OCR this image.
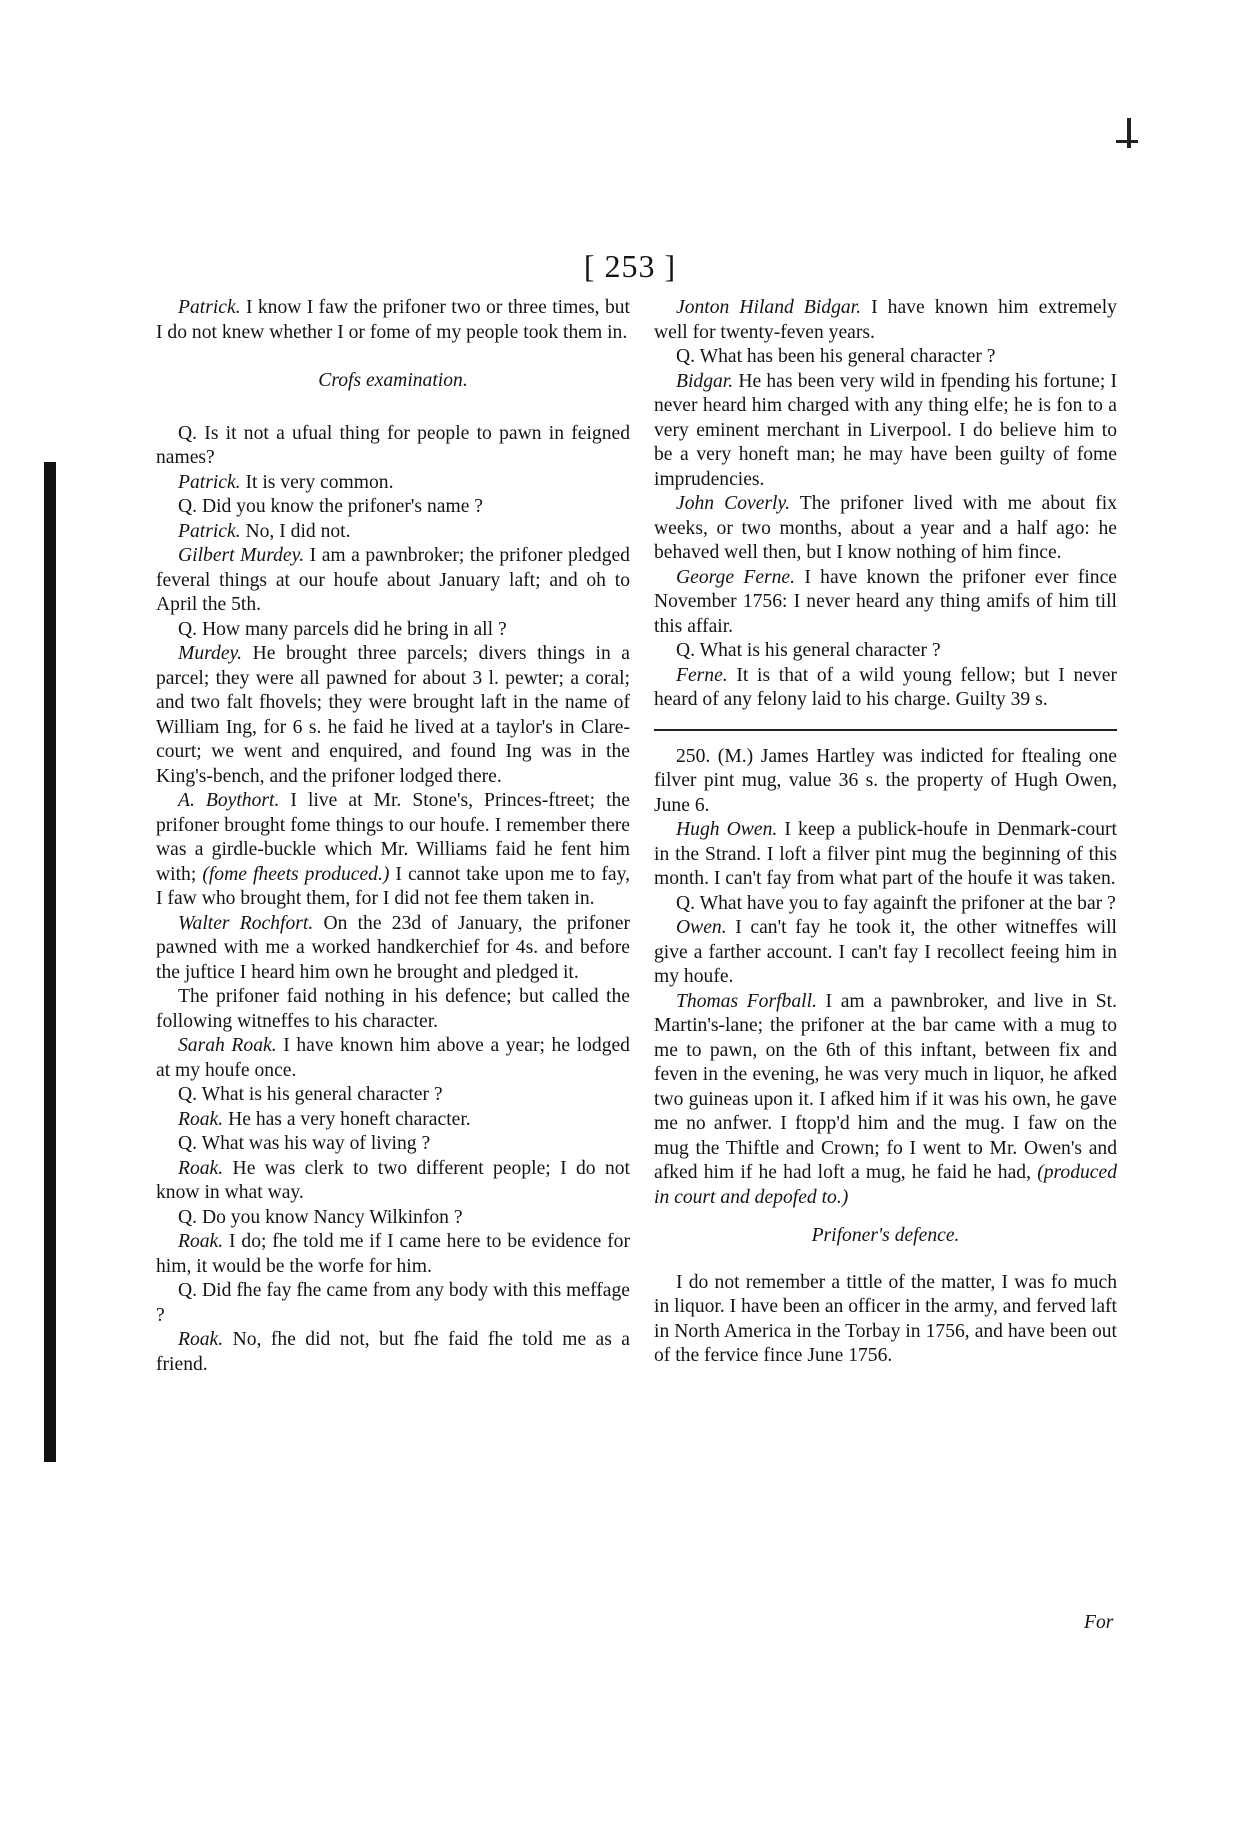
[ 253 ]

Patrick. I know I faw the prifoner two or three times, but I do not knew whether I or fome of my people took them in.

Crofs examination.

Q. Is it not a ufual thing for people to pawn in feigned names?

Patrick. It is very common.

Q. Did you know the prifoner's name ?

Patrick. No, I did not.

Gilbert Murdey. I am a pawnbroker; the prifoner pledged feveral things at our houfe about January laft; and oh to April the 5th.

Q. How many parcels did he bring in all ?

Murdey. He brought three parcels; divers things in a parcel; they were all pawned for about 3 l. pewter; a coral; and two falt fhovels; they were brought laft in the name of William Ing, for 6 s. he faid he lived at a taylor's in Clare-court; we went and enquired, and found Ing was in the King's-bench, and the prifoner lodged there.

A. Boythort. I live at Mr. Stone's, Princes-ftreet; the prifoner brought fome things to our houfe. I remember there was a girdle-buckle which Mr. Williams faid he fent him with; (fome fheets produced.) I cannot take upon me to fay, I faw who brought them, for I did not fee them taken in.

Walter Rochfort. On the 23d of January, the prifoner pawned with me a worked handkerchief for 4s. and before the juftice I heard him own he brought and pledged it.

The prifoner faid nothing in his defence; but called the following witneffes to his character.

Sarah Roak. I have known him above a year; he lodged at my houfe once.

Q. What is his general character ?

Roak. He has a very honeft character.

Q. What was his way of living ?

Roak. He was clerk to two different people; I do not know in what way.

Q. Do you know Nancy Wilkinfon ?

Roak. I do; fhe told me if I came here to be evidence for him, it would be the worfe for him.

Q. Did fhe fay fhe came from any body with this meffage ?

Roak. No, fhe did not, but fhe faid fhe told me as a friend.

Jonton Hiland Bidgar. I have known him extremely well for twenty-feven years.

Q. What has been his general character ?

Bidgar. He has been very wild in fpending his fortune; I never heard him charged with any thing elfe; he is fon to a very eminent merchant in Liverpool. I do believe him to be a very honeft man; he may have been guilty of fome imprudencies.

John Coverly. The prifoner lived with me about fix weeks, or two months, about a year and a half ago: he behaved well then, but I know nothing of him fince.

George Ferne. I have known the prifoner ever fince November 1756: I never heard any thing amifs of him till this affair.

Q. What is his general character ?

Ferne. It is that of a wild young fellow; but I never heard of any felony laid to his charge. Guilty 39 s.

250. (M.) James Hartley was indicted for ftealing one filver pint mug, value 36 s. the property of Hugh Owen, June 6.

Hugh Owen. I keep a publick-houfe in Denmark-court in the Strand. I loft a filver pint mug the beginning of this month. I can't fay from what part of the houfe it was taken.

Q. What have you to fay againft the prifoner at the bar ?

Owen. I can't fay he took it, the other witneffes will give a farther account. I can't fay I recollect feeing him in my houfe.

Thomas Forfball. I am a pawnbroker, and live in St. Martin's-lane; the prifoner at the bar came with a mug to me to pawn, on the 6th of this inftant, between fix and feven in the evening, he was very much in liquor, he afked two guineas upon it. I afked him if it was his own, he gave me no anfwer. I ftopp'd him and the mug. I faw on the mug the Thiftle and Crown; fo I went to Mr. Owen's and afked him if he had loft a mug, he faid he had, (produced in court and depofed to.)

Prifoner's defence.

I do not remember a tittle of the matter, I was fo much in liquor. I have been an officer in the army, and ferved laft in North America in the Torbay in 1756, and have been out of the fervice fince June 1756.

For
